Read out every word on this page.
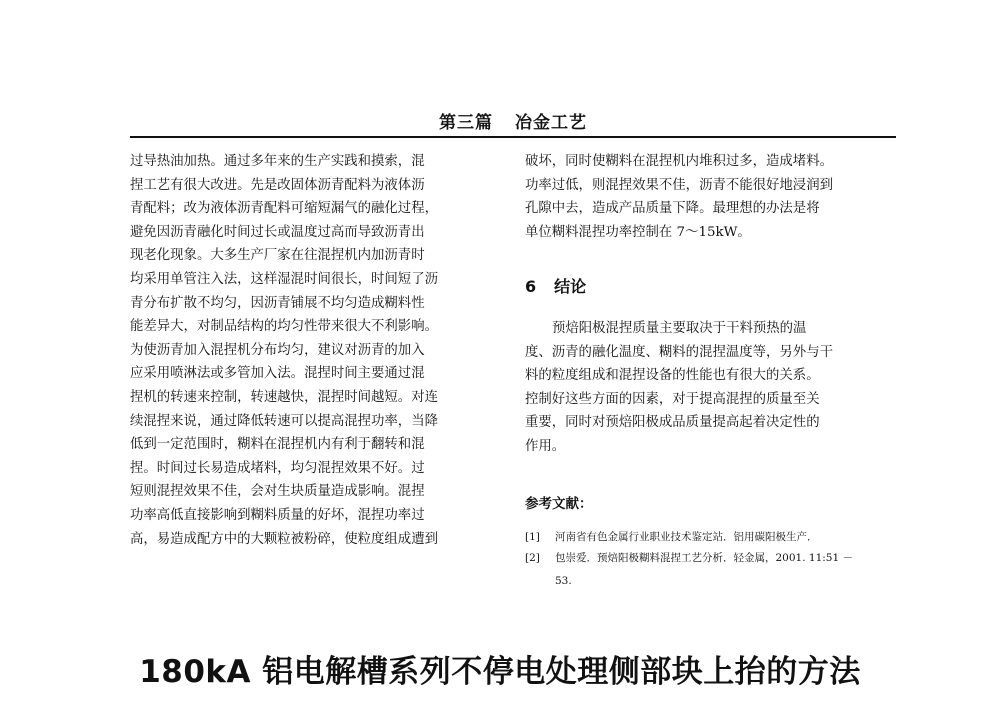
第三篇 冶金工艺
过导热油加热。通过多年来的生产实践和摸索，混
捏工艺有很大改进。先是改固体沥青配料为液体沥
青配料；改为液体沥青配料可缩短漏气的融化过程，
避免因沥青融化时间过长或温度过高而导致沥青出
现老化现象。大多生产厂家在往混捏机内加沥青时
均采用单管注入法，这样湿混时间很长，时间短了沥
青分布扩散不均匀，因沥青铺展不均匀造成糊料性
能差异大，对制品结构的均匀性带来很大不利影响。
为使沥青加入混捏机分布均匀，建议对沥青的加入
应采用喷淋法或多管加入法。混捏时间主要通过混
捏机的转速来控制，转速越快，混捏时间越短。对连
续混捏来说，通过降低转速可以提高混捏功率，当降
低到一定范围时，糊料在混捏机内有利于翻转和混
捏。时间过长易造成堵料，均匀混捏效果不好。过
短则混捏效果不佳，会对生块质量造成影响。混捏
功率高低直接影响到糊料质量的好坏，混捏功率过
高，易造成配方中的大颗粒被粉碎，使粒度组成遭到
破坏，同时使糊料在混捏机内堆积过多，造成堵料。
功率过低，则混捏效果不佳，沥青不能很好地浸润到
孔隙中去，造成产品质量下降。最理想的办法是将
单位糊料混捏功率控制在 7～15kW。
6 结论
预焙阳极混捏质量主要取决于干料预热的温
度、沥青的融化温度、糊料的混捏温度等，另外与干
料的粒度组成和混捏设备的性能也有很大的关系。
控制好这些方面的因素，对于提高混捏的质量至关
重要，同时对预焙阳极成品质量提高起着决定性的
作用。
参考文献：
[1] 河南省有色金属行业职业技术鉴定站．铝用碳阳极生产．
[2] 包崇爱．预焙阳极糊料混捏工艺分析．轻金属，2001. 11:51 －
53.
180kA 铝电解槽系列不停电处理侧部块上抬的方法
